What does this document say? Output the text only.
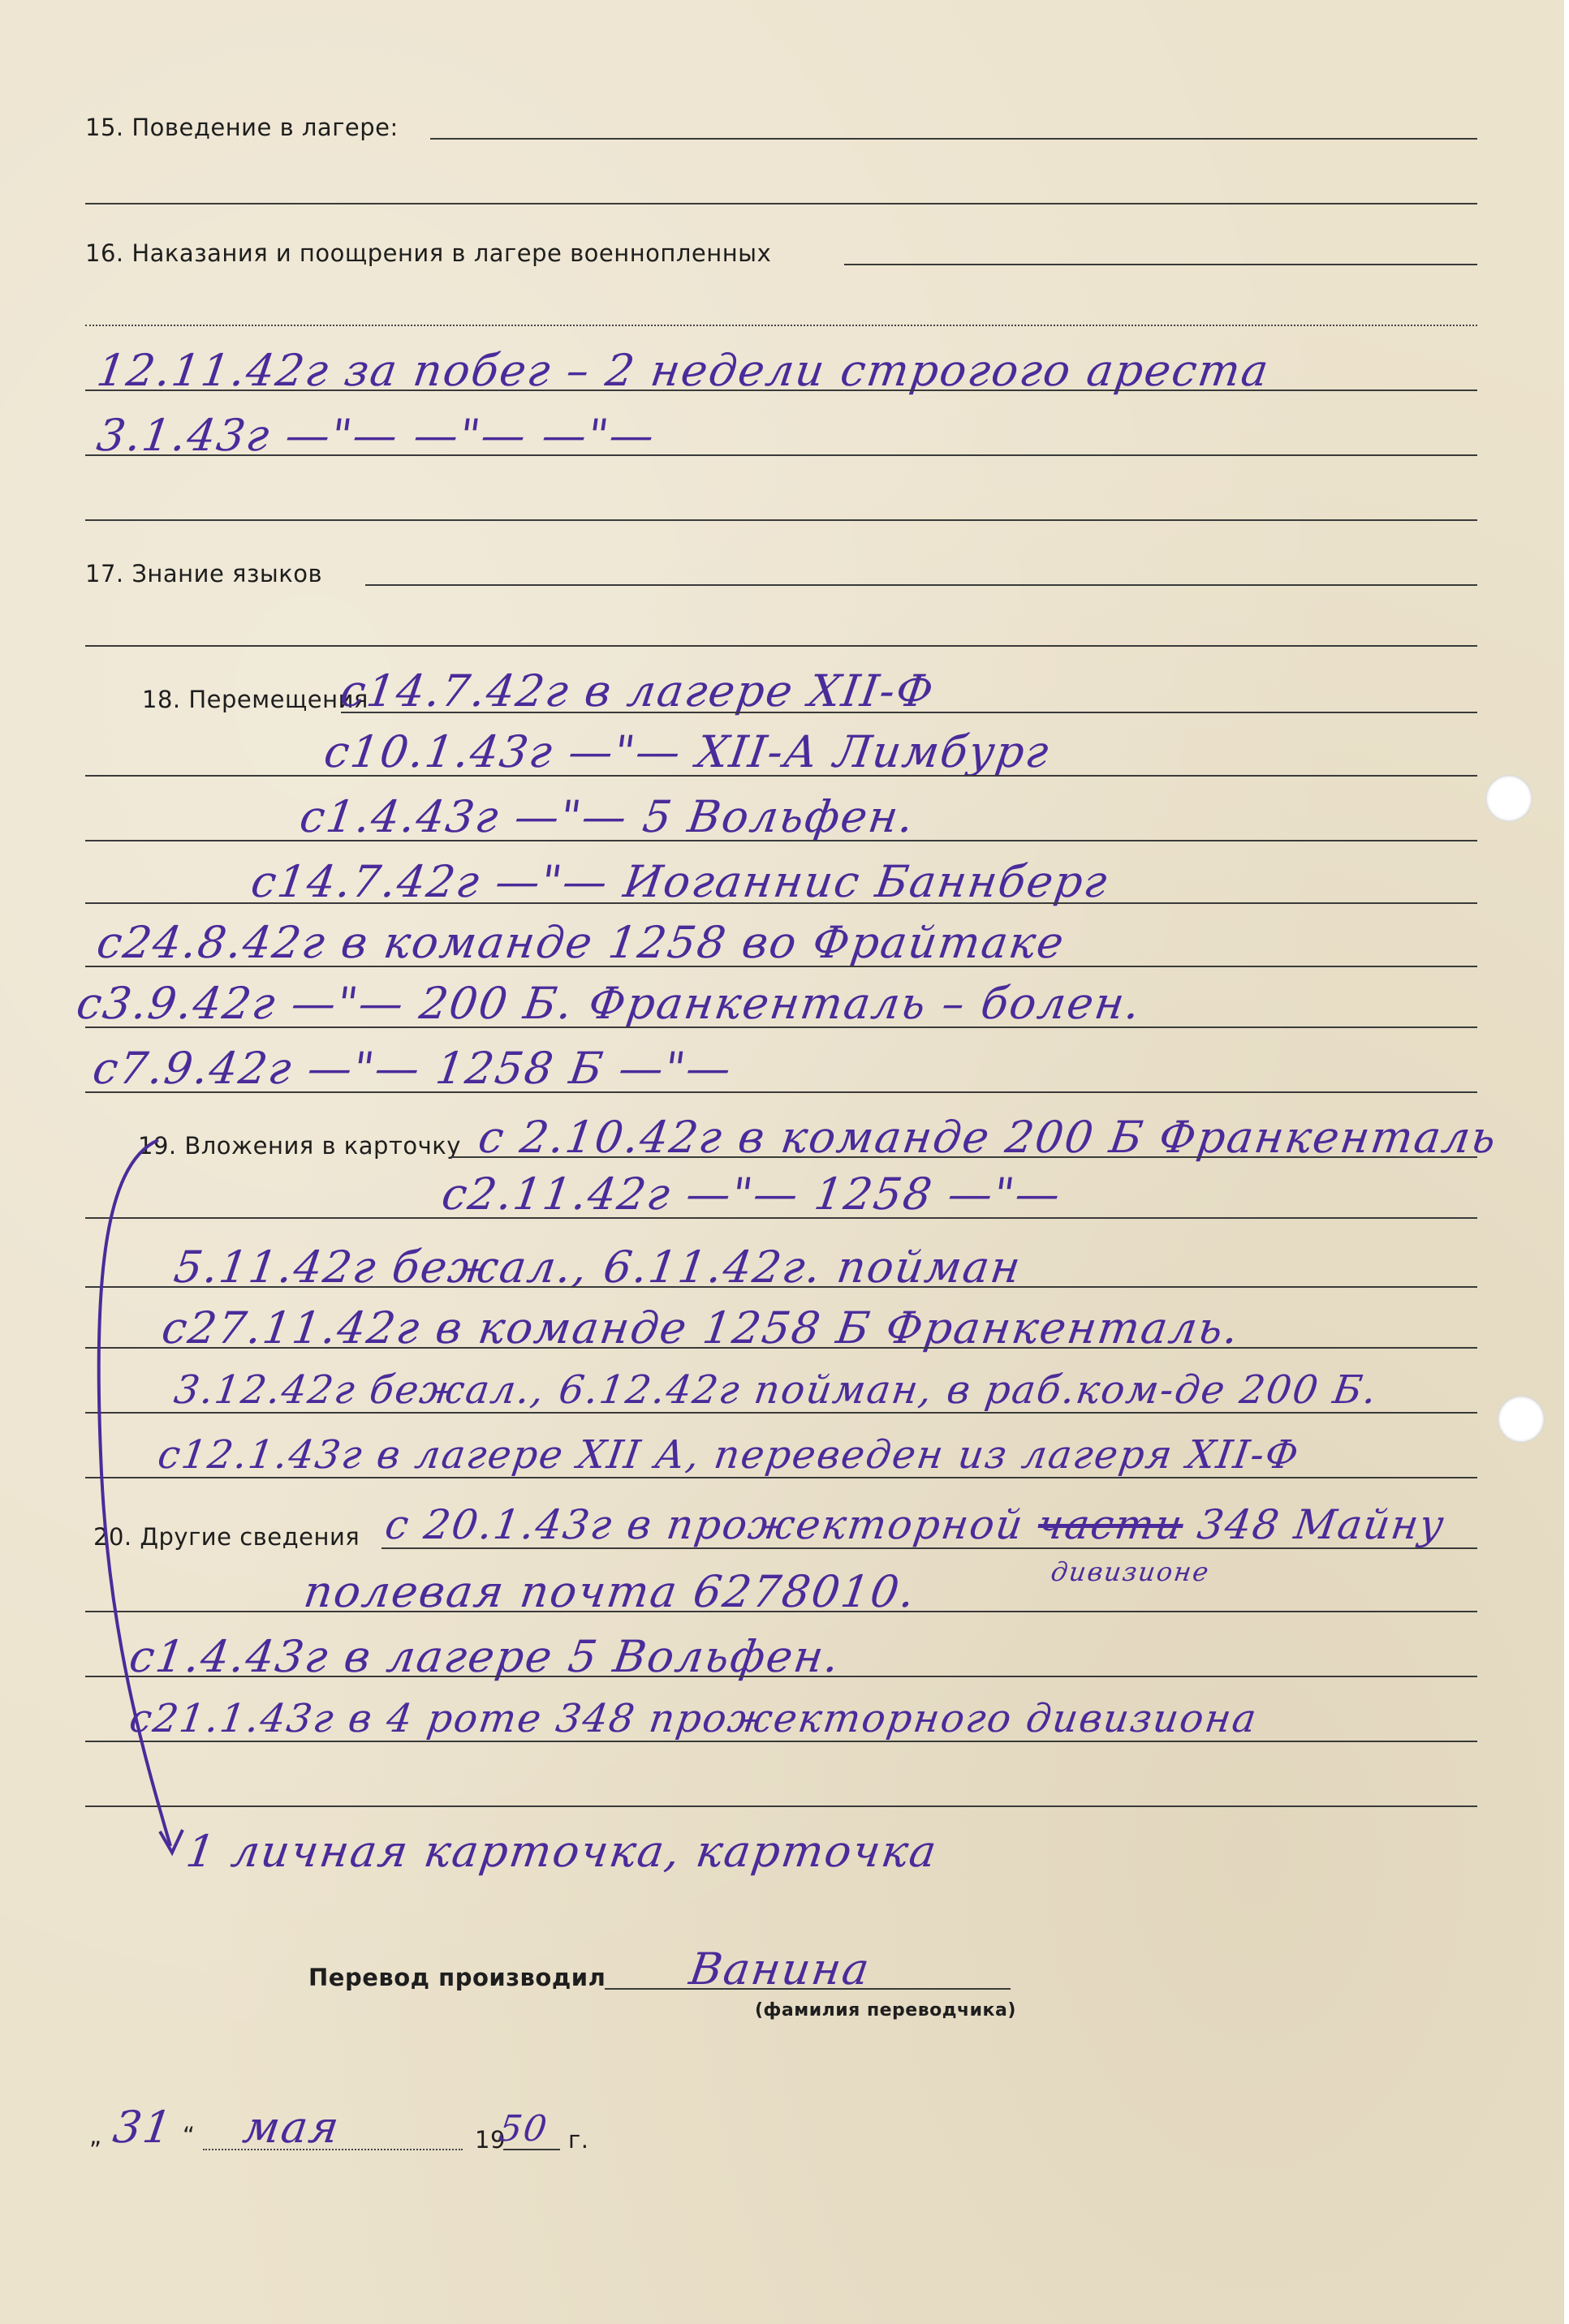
15. Поведение в лагере:
16. Наказания и поощрения в лагере военнопленных
12.11.42г за побег – 2 недели строгого ареста
3.1.43г —"— —"— —"—
17. Знание языков
18. Перемещения
с14.7.42г в лагере XII-Ф
с10.1.43г —"— XII-А Лимбург
с1.4.43г —"— 5 Вольфен.
с14.7.42г —"— Иоганнис Баннберг
с24.8.42г в команде 1258 во Фрайтаке
с3.9.42г —"— 200 Б. Франкенталь – болен.
с7.9.42г —"— 1258 Б —"—
19. Вложения в карточку с 2.10.42г в команде 200 Б Франкенталь
с2.11.42г —"— 1258 —"—
5.11.42г бежал., 6.11.42г. пойман
с27.11.42г в команде 1258 Б Франкенталь.
3.12.42г бежал., 6.12.42г пойман, в раб.ком-де 200 Б.
с12.1.43г в лагере XII А, переведен из лагеря XII-Ф
20. Другие сведения с 20.1.43г в прожекторной части 348 Майну
дивизионе
полевая почта 6278010.
с1.4.43г в лагере 5 Вольфен.
с21.1.43г в 4 роте 348 прожекторного дивизиона
1 личная карточка, карточка
Перевод производил Ванина
(фамилия переводчика)
„ 31 “ мая	19
50 г.
